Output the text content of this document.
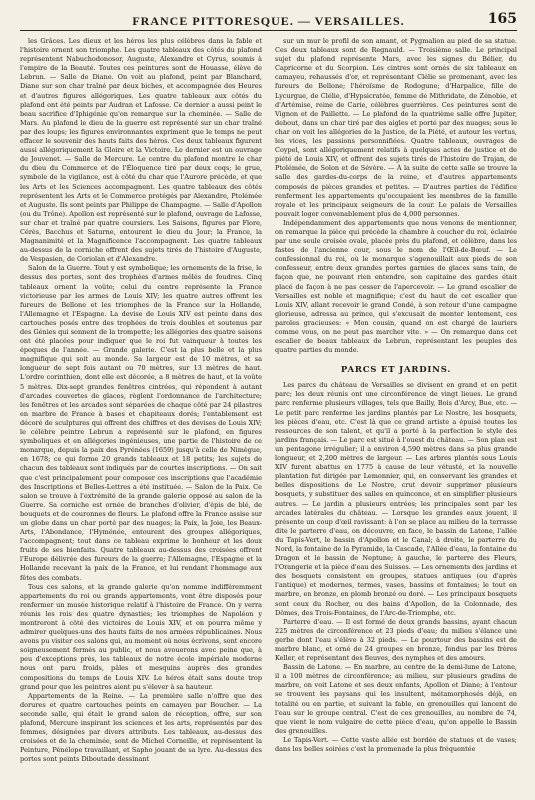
FRANCE PITTORESQUE. — VERSAILLES.	165

les Grâces. Les dieux et les héros les plus célèbres dans la fable et l'histoire ornent son triomphe. Les quatre tableaux des côtés du plafond représentent Nabuchodonosor, Auguste, Alexandre et Cyrus, soumis à l'empire de la Beauté. Toutes ces peintures sont de Houasse, élève de Lebrun. — Salle de Diane. On voit au plafond, peint par Blanchard, Diane sur son char traîné par deux biches, et accompagnée des Heures et d'autres figures allégoriques. Les quatre tableaux aux côtés du plafond ont été peints par Audran et Lafosse. Ce dernier a aussi peint le beau sacrifice d'Iphigénie qu'on remarque sur la cheminée. — Salle de Mars. Au plafond le dieu de la guerre est représenté sur un char traîné par des loups; les figures environnantes expriment que le temps ne peut effacer le souvenir des hauts faits des héros. Ces deux tableaux figurent aussi allégoriquement la Gloire et la Victoire. Le dernier est un ouvrage de Jouvenet. — Salle de Mercure. Le centre du plafond montre le char du dieu du Commerce et de l'Éloquence tiré par deux coqs; le grue, symbole de la vigilance, est à côté du char que l'Aurore précède, et que les Arts et les Sciences accompagnent. Les quatre tableaux des côtés représentent les Arts et le Commerce protégés par Alexandre, Ptolémée et Auguste. Ils sont peints par Philippe de Champagne. — Salle d'Apollon (ou du Trône). Apollon est représenté sur le plafond, ouvrage de Lafosse, sur char et traîné par quatre coursiers. Les Saisons, figures par Flore, Cérès, Bacchus et Saturne, entourent le dieu du Jour; la France, la Magnanimité et la Magnificence l'accompagnent. Les quatre tableaux au-dessus de la corniche offrent des sujets tirés de l'histoire d'Auguste, de Vespasien, de Coriolan et d'Alexandre.

Salon de la Guerre. Tout y est symbolique; les ornements de la frise, le dessus des portes, sont des trophées d'armes mêlés de foudres. Cinq tableaux ornent la voûte; celui du centre représente la France victorieuse par les armes de Louis XIV; les quatre autres offrent les fureurs de Bellone et les triomphes de la France sur la Hollande, l'Allemagne et l'Espagne. La devise de Louis XIV est peinte dans des cartouches posés entre des trophées de trois doubles et soutenus par des Génies qui sonnent de la trompette; les allégories des quatre saisons ont été placées pour indiquer que le roi fut vainqueur à toutes les époques de l'année. — Grande galerie. C'est la plus belle et la plus magnifique qui soit au monde. Sa largeur est de 10 mètres, et sa longueur de sept fois autant ou 70 mètres, sur 13 mètres de haut. L'ordre corinthien, dont elle est décorée, a 8 mètres de haut, et la voûte 5 mètres. Dix-sept grandes fenêtres cintrées, qui répondent à autant d'arcades couvertes de glaces, règlent l'ordonnance de l'architecture; les fenêtres et les arcades sont séparées de chaque côté par 24 pilastres en marbre de France à bases et chapiteaux dorés; l'entablement est décoré de sculptures qui offrent des chiffres et des devises de Louis XIV; le célèbre peintre Lebrun a représenté sur le plafond, en figures symboliques et en allégories ingénieuses, une partie de l'histoire de ce monarque, depuis la paix des Pyrénées (1659) jusqu'à celle de Nimègue, en 1678; ce qui forme 20 grands tableaux et 18 petits; les sujets de chacun des tableaux sont indiqués par de courtes inscriptions. — On sait que c'est principalement pour composer ces inscriptions que l'académie des Inscriptions et Belles-Lettres a été instituée. — Salon de la Paix. Ce salon se trouve à l'extrémité de la grande galerie opposé au salon de la Guerre. Sa corniche est ornée de branches d'olivier, d'épis de blé, de bouquets et de couronnes de fleurs. Le plafond offre la France assise sur un globe dans un char porté par des nuages; la Paix, la Joie, les Beaux-Arts, l'Abondance, l'Hyménée, entourent des groupes allégoriques, l'accompagnent; tout dans ce tableau exprime le bonheur et les doux fruits de ses bienfaits. Quatre tableaux au-dessus des croisées offrent l'Europe délivrée des fureurs de la guerre; l'Allemagne, l'Espagne et la Hollande recevant la paix de la France, et lui rendant l'hommage aux fêtes des combats.

Tous ces salons, et la grande galerie qu'on nomme indifféremment appartements du roi ou grands appartements, vont être disposés pour renfermer un musée historique relatif à l'histoire de France. On y verra réunis les rois des quatre dynasties; les triomphes de Napoléon y montreront à côté des victoires de Louis XIV, et on pourra même y admirer quelques-uns des hauts faits de nos armées républicaines. Nous avons pu visiter ces salons qui, au moment où nous écrivons, sont encore soigneusement fermés au public, et nous avouerons avec peine que, à peu d'exceptions près, les tableaux de notre école impériale moderne nous ont paru froids, pâles et mesquins auprès des grandes compositions du temps de Louis XIV. Le héros était sans doute trop grand pour que les peintres aient pu s'élever à sa hauteur.

Appartements de la Reine. — La première salle n'offre que des dorures et quatre cartouches peints en camayeu par Boucher. — La seconde salle, qui était le grand salon de réception, offre, sur son plafond, Mercure inspirant les sciences et les arts, représentés par des femmes, désignées par divers attributs. Les tableaux, au-dessus des croisées et de la cheminée, sont de Michel Corneille, et représentent la Peinture, Pénélope travaillant, et Sapho jouant de sa lyre. Au-dessus des portes sont peints Diboutade dessinant

sur un mur le profil de son amant, et Pygmalion au pied de sa statue. Ces deux tableaux sont de Regnauld. — Troisième salle. Le principal sujet du plafond représente Mars, avec les signes du Bélier, du Capricorne et du Scorpion. Les cintres sont ornés de six tableaux en camayeu, rehaussés d'or, et représentant Clélie se promenant, avec les fureurs de Bellone; l'héroïsme de Rodogune; d'Harpalice, fille de Lycurgue, de Clélie, d'Hypsicratée, femme de Mithridate, de Zénobie, et d'Artémise, reine de Carie, célèbres guerrières. Ces peintures sont de Vignon et de Paillette. — Le plafond de la quatrième salle offre Jupiter, debout, dans un char tiré par des aigles et porté par des nuages; sous le char on voit les allégories de la Justice, de la Piété, et autour les vertus, les vices, les passions personnifiées. Quatre tableaux, ouvrages de Coypel, sont allégoriquement relatifs à quelques actes de justice et de piété de Louis XIV, et offrent des sujets tirés de l'histoire de Trajan, de Ptolémée, de Solon et de Sévère. — À la suite de cette salle se trouve la salle des gardes-du-corps de la reine, et d'autres appartements composés de pièces grandes et petites. — D'autres parties de l'édifice renferment les appartements qu'occupaient les membres de la famille royale et les principaux seigneurs de la cour. Le palais de Versailles pouvait loger convenablement plus de 4,000 personnes.

Indépendamment des appartements que nous venons de mentionner, on remarque la pièce qui précède la chambre à coucher du roi, éclairée par une seule croisée ovale, placée près du plafond, et célèbre, dans les fastes de l'ancienne cour, sous le nom de l'Œil-de-Bœuf. — Le confessionnal du roi, où le monarque s'agenouillait aux pieds de son confesseur, entre deux grandes portes garnies de glaces sans tain, de façon que, ne pouvant rien entendre, son capitaine des gardes était placé de façon à ne pas cesser de l'apercevoir. — Le grand escalier de Versailles est noble et magnifique; c'est du haut de cet escalier que Louis XIV, allant recevoir le grand Condé, à son retour d'une campagne glorieuse, adressa au prince, qui s'excusait de monter lentement, ces paroles gracieuses: « Mon cousin, quand on est chargé de lauriers comme vous, on ne peut pas marcher vite. » — On remarque dans cet escalier de beaux tableaux de Lebrun, représentant les peuples des quatre parties du monde.

PARCS ET JARDINS.

Les parcs du château de Versailles se divisent en grand et en petit parc; les deux réunis ont une circonférence de vingt lieues. Le grand parc renferme plusieurs villages, tels que Bailly, Bois d'Arcy, Bue, etc. — Le petit parc renferme les jardins plantés par Le Nostre, les bosquets, les pièces d'eau, etc. C'est là que ce grand artiste a épuisé toutes les ressources de son talent, et qu'il a porté à la perfection le style des jardins français. — Le parc est situé à l'ouest du château. — Son plan est un pentagone irrégulier; il a environ 4,590 mètres dans sa plus grande longueur, et 2,200 mètres de largeur. — Les arbres plantés sous Louis XIV furent abattus en 1775 à cause de leur vétusté, et la nouvelle plantation fut dirigée par Lemonnier, qui, en conservant les grandes et belles dispositions de Le Nostre, crut devoir supprimer plusieurs bosquets, y substituer des salles en quinconce, et en simplifier plusieurs autres. — Le jardin a plusieurs entrées; les principales sont par les arcades latérales du château. — Lorsque les grandes eaux jouent, il présente un coup d'œil ravissant: à l'on se place au milieu de la terrasse dite le parterre d'eau, on découvre, en face, le bassin de Latone, l'allée du Tapis-Vert, le bassin d'Apollon et le Canal; à droite, le parterre du Nord, la fontaine de la Pyramide, la Cascade, l'Allée d'eau, la fontaine du Dragon et le bassin de Neptune; à gauche, le parterre des Fleurs, l'Orangerie et la pièce d'eau des Suisses. — Les ornements des jardins et des bosquets consistent en groupes, statues antiques (ou d'après l'antique) et modernes, termes, vases, bassins et fontaines; le tout en marbre, en bronze, en plomb bronzé ou doré. — Les principaux bosquets sont ceux du Rocher, ou des bains d'Apollon, de la Colonnade, des Dômes, des Trois-Fontaines, de l'Arc-de-Triomphe, etc.

Parterre d'eau. — Il est formé de deux grands bassins, ayant chacun 225 mètres de circonférence et 23 pieds d'eau; du milieu s'élance une gerbe dont l'eau s'élève à 32 pieds. — Le pourtour des bassins est de marbre blanc, et orné de 24 groupes en bronze, fondus par les frères Keller, et représentant des fleuves, des nymphes et des amours.

Bassin de Latone. — En marbre, au centre de la demi-lune de Latone, il a 100 mètres de circonférence; au milieu, sur plusieurs gradins de marbre, on voit Latone et ses deux enfants, Apollon et Diane; à l'entour se trouvent les paysans qui les insultent, métamorphosés déjà, en totalité ou en partie, et suivant la fable, en grenouilles qui lancent de l'eau sur le groupe central. C'est de ces grenouilles, au nombre de 74, que vient le nom vulgaire de cette pièce d'eau, qu'on appelle le Bassin des grenouilles.

Le Tapis-Vert. — Cette vaste allée est bordée de statues et de vases; dans les belles soirées c'est la promenade la plus fréquentée
